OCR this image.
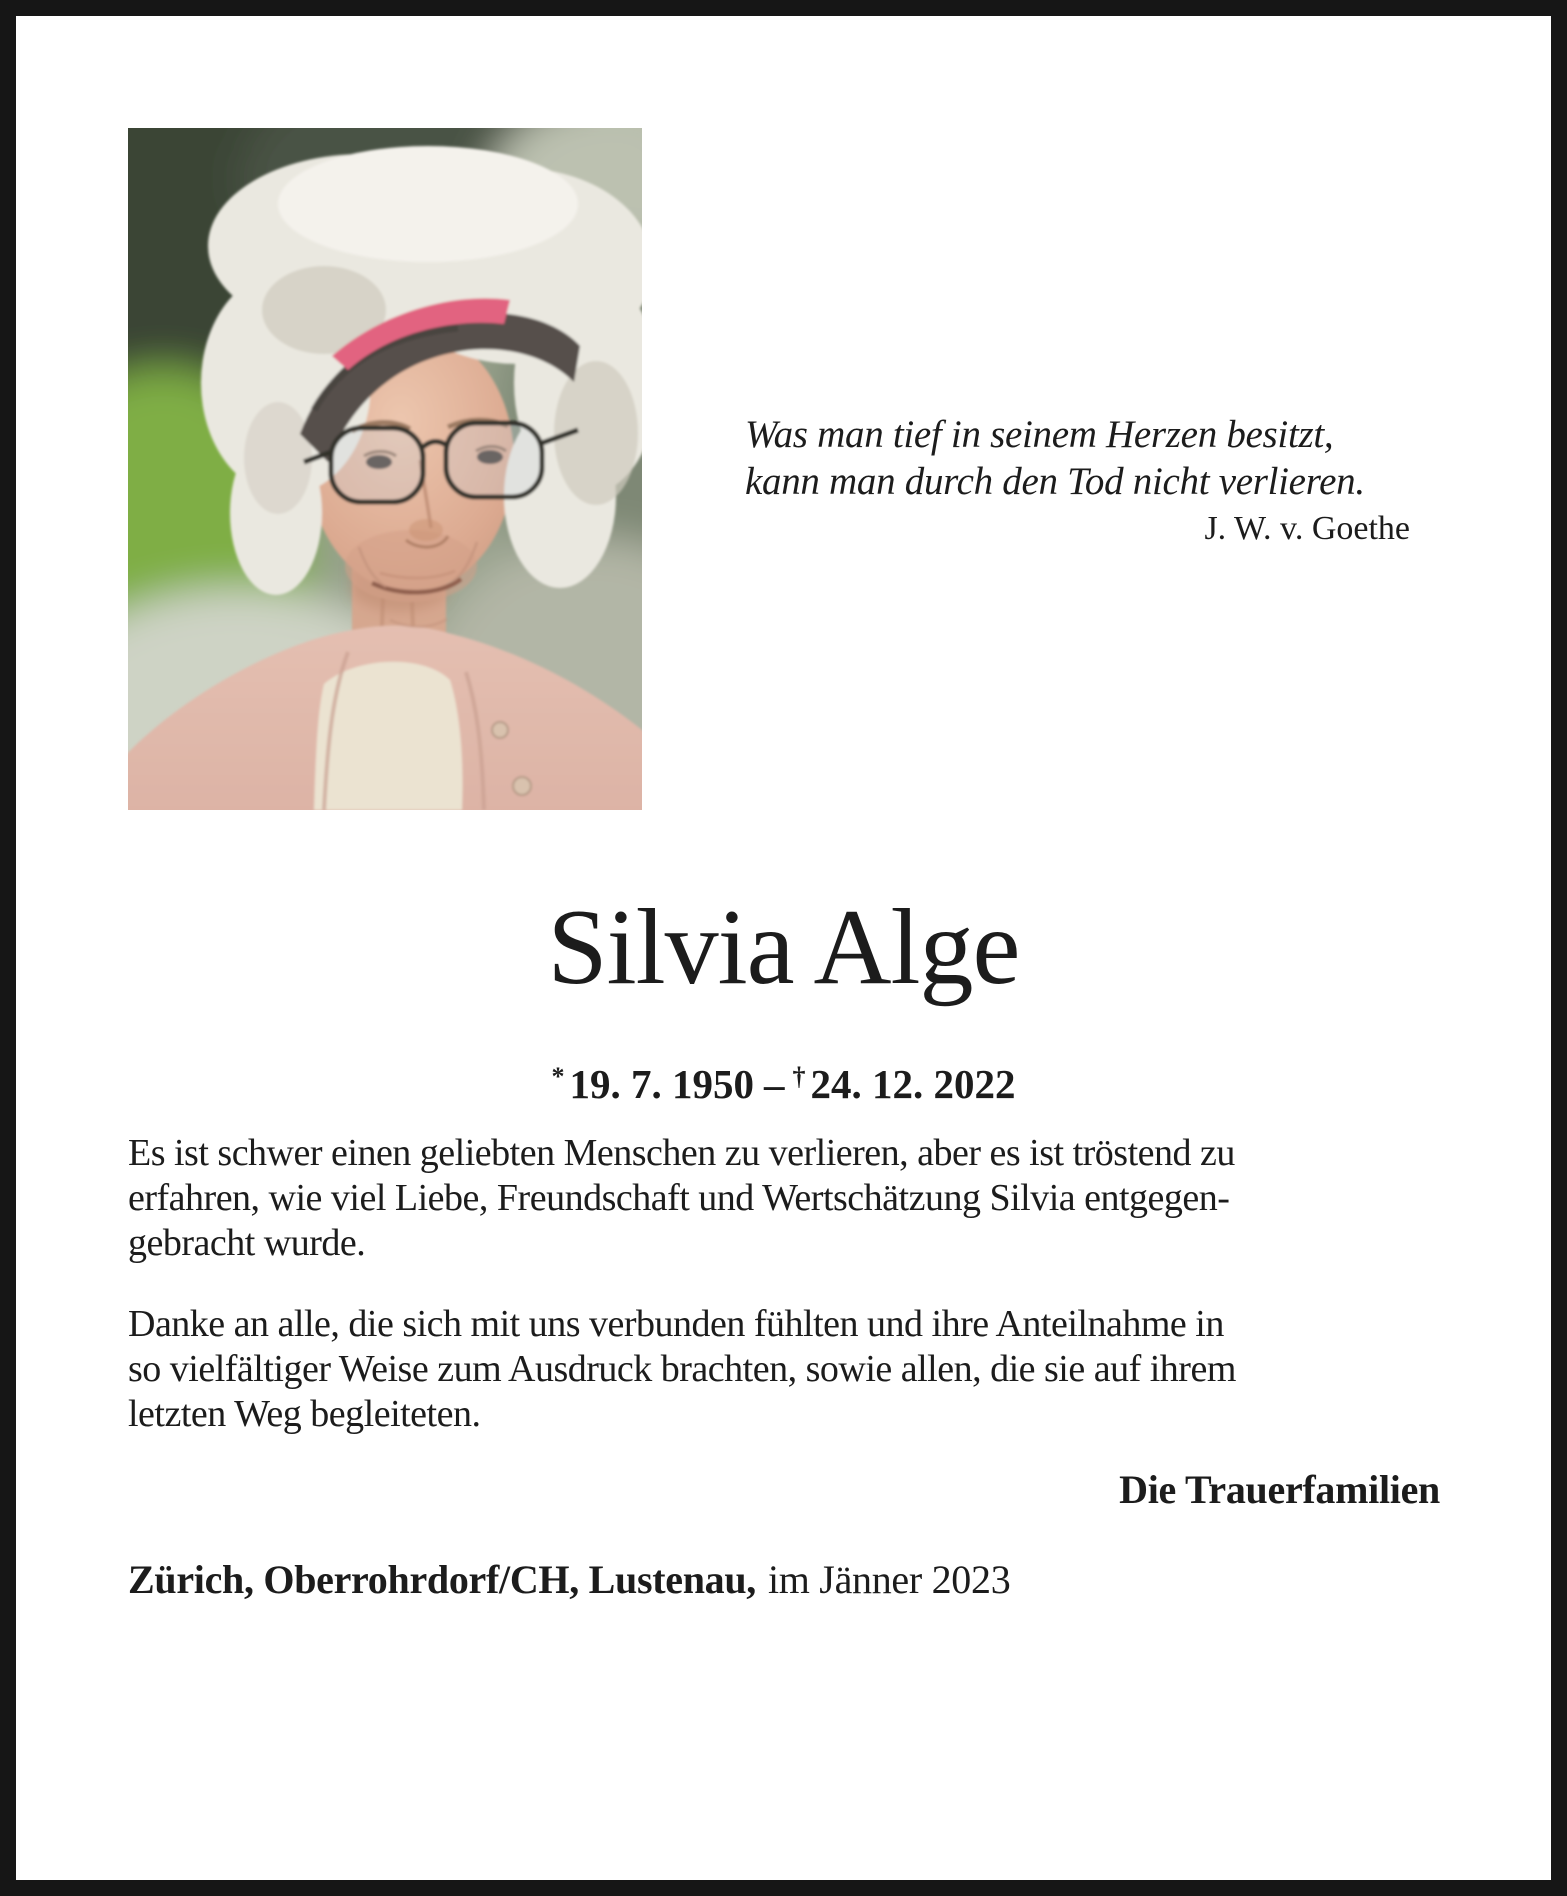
Was man tief in seinem Herzen besitzt,
kann man durch den Tod nicht verlieren.
J. W. v. Goethe
Silvia Alge
* 19. 7. 1950 – † 24. 12. 2022
Es ist schwer einen geliebten Menschen zu verlieren, aber es ist tröstend zu
erfahren, wie viel Liebe, Freundschaft und Wertschätzung Silvia entgegen-
gebracht wurde.
Danke an alle, die sich mit uns verbunden fühlten und ihre Anteilnahme in
so vielfältiger Weise zum Ausdruck brachten, sowie allen, die sie auf ihrem
letzten Weg begleiteten.
Die Trauerfamilien
Zürich, Oberrohrdorf/CH, Lustenau, im Jänner 2023
